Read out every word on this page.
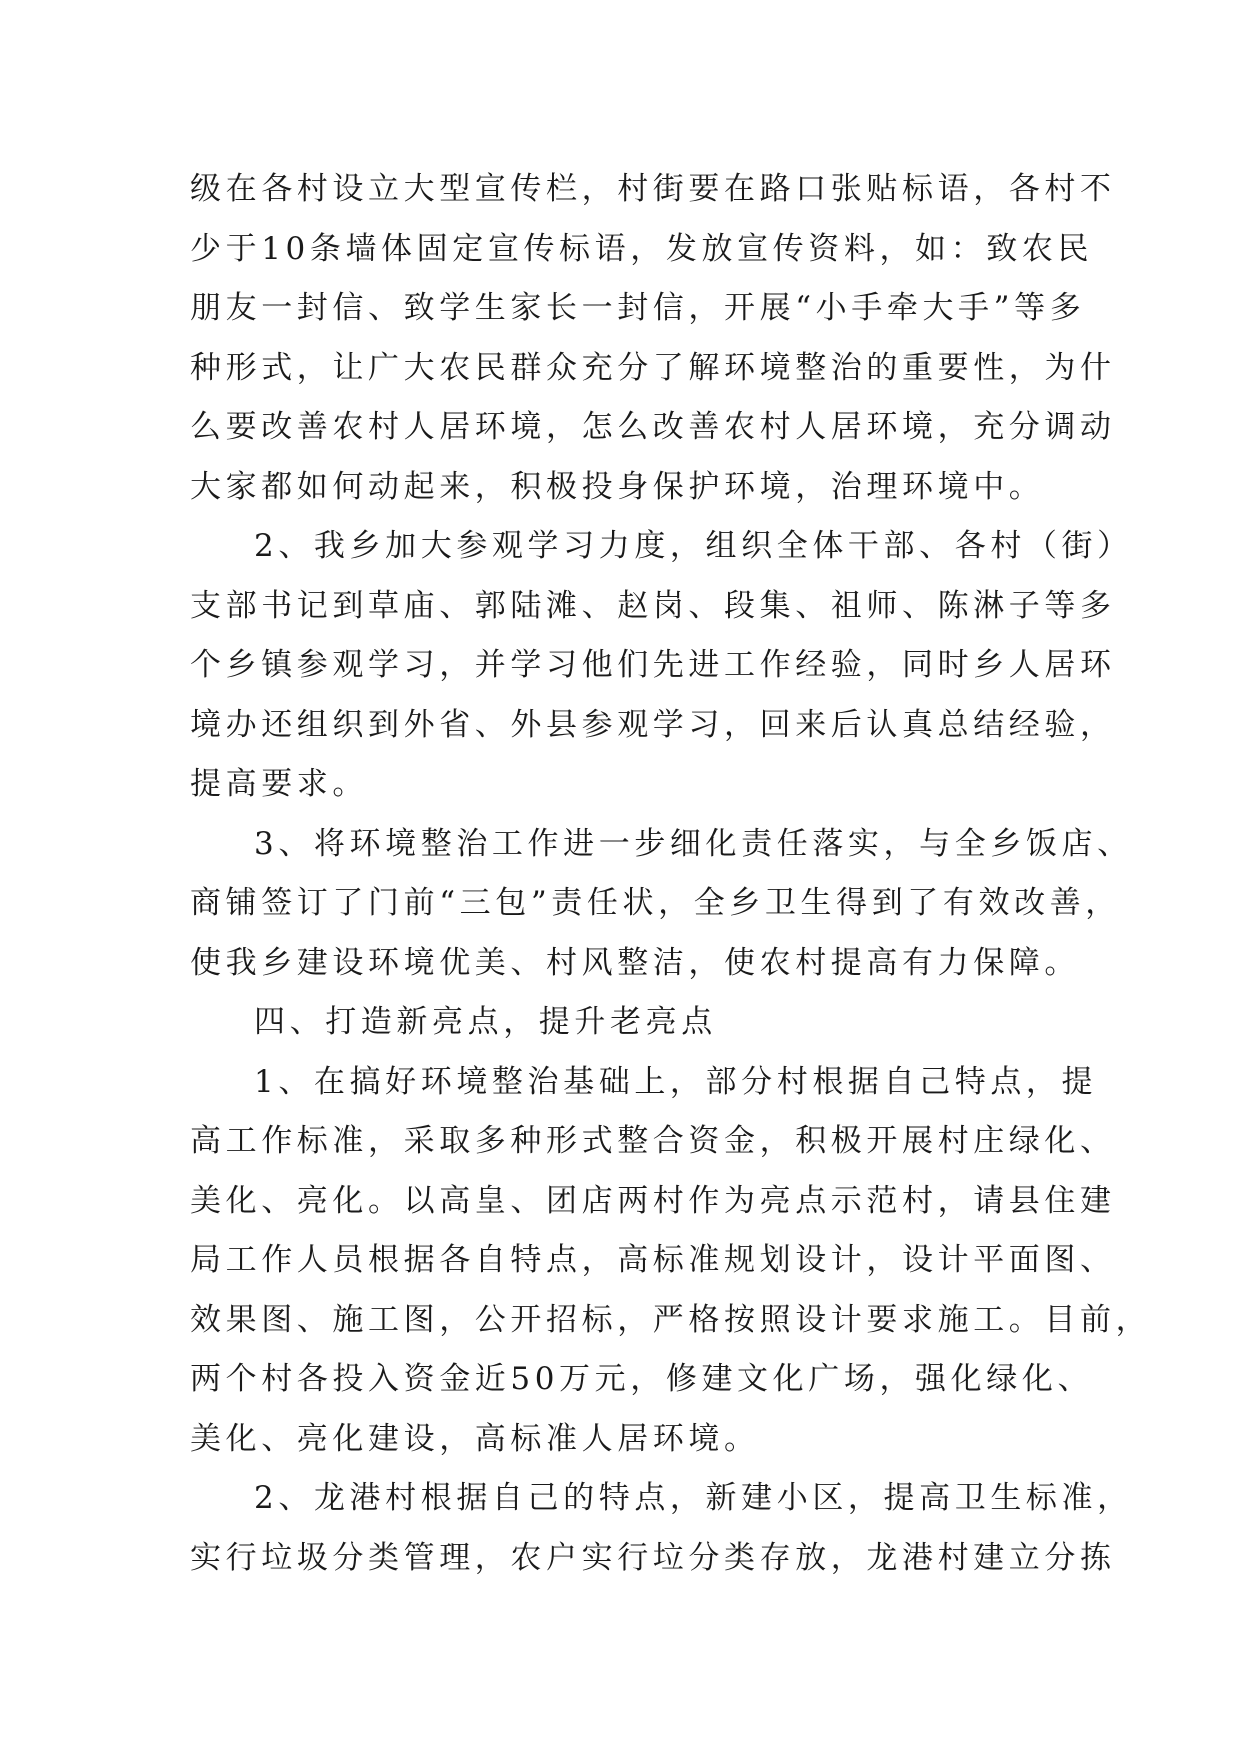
级在各村设立大型宣传栏，村街要在路口张贴标语，各村不
少于10条墙体固定宣传标语，发放宣传资料，如：致农民
朋友一封信、致学生家长一封信，开展“小手牵大手”等多
种形式，让广大农民群众充分了解环境整治的重要性，为什
么要改善农村人居环境，怎么改善农村人居环境，充分调动
大家都如何动起来，积极投身保护环境，治理环境中。
2、我乡加大参观学习力度，组织全体干部、各村（街）
支部书记到草庙、郭陆滩、赵岗、段集、祖师、陈淋子等多
个乡镇参观学习，并学习他们先进工作经验，同时乡人居环
境办还组织到外省、外县参观学习，回来后认真总结经验，
提高要求。
3、将环境整治工作进一步细化责任落实，与全乡饭店、
商铺签订了门前“三包”责任状，全乡卫生得到了有效改善，
使我乡建设环境优美、村风整洁，使农村提高有力保障。
四、打造新亮点，提升老亮点
1、在搞好环境整治基础上，部分村根据自己特点，提
高工作标准，采取多种形式整合资金，积极开展村庄绿化、
美化、亮化。以高皇、团店两村作为亮点示范村，请县住建
局工作人员根据各自特点，高标准规划设计，设计平面图、
效果图、施工图，公开招标，严格按照设计要求施工。目前，
两个村各投入资金近50万元，修建文化广场，强化绿化、
美化、亮化建设，高标准人居环境。
2、龙港村根据自己的特点，新建小区，提高卫生标准，
实行垃圾分类管理，农户实行垃分类存放，龙港村建立分拣
